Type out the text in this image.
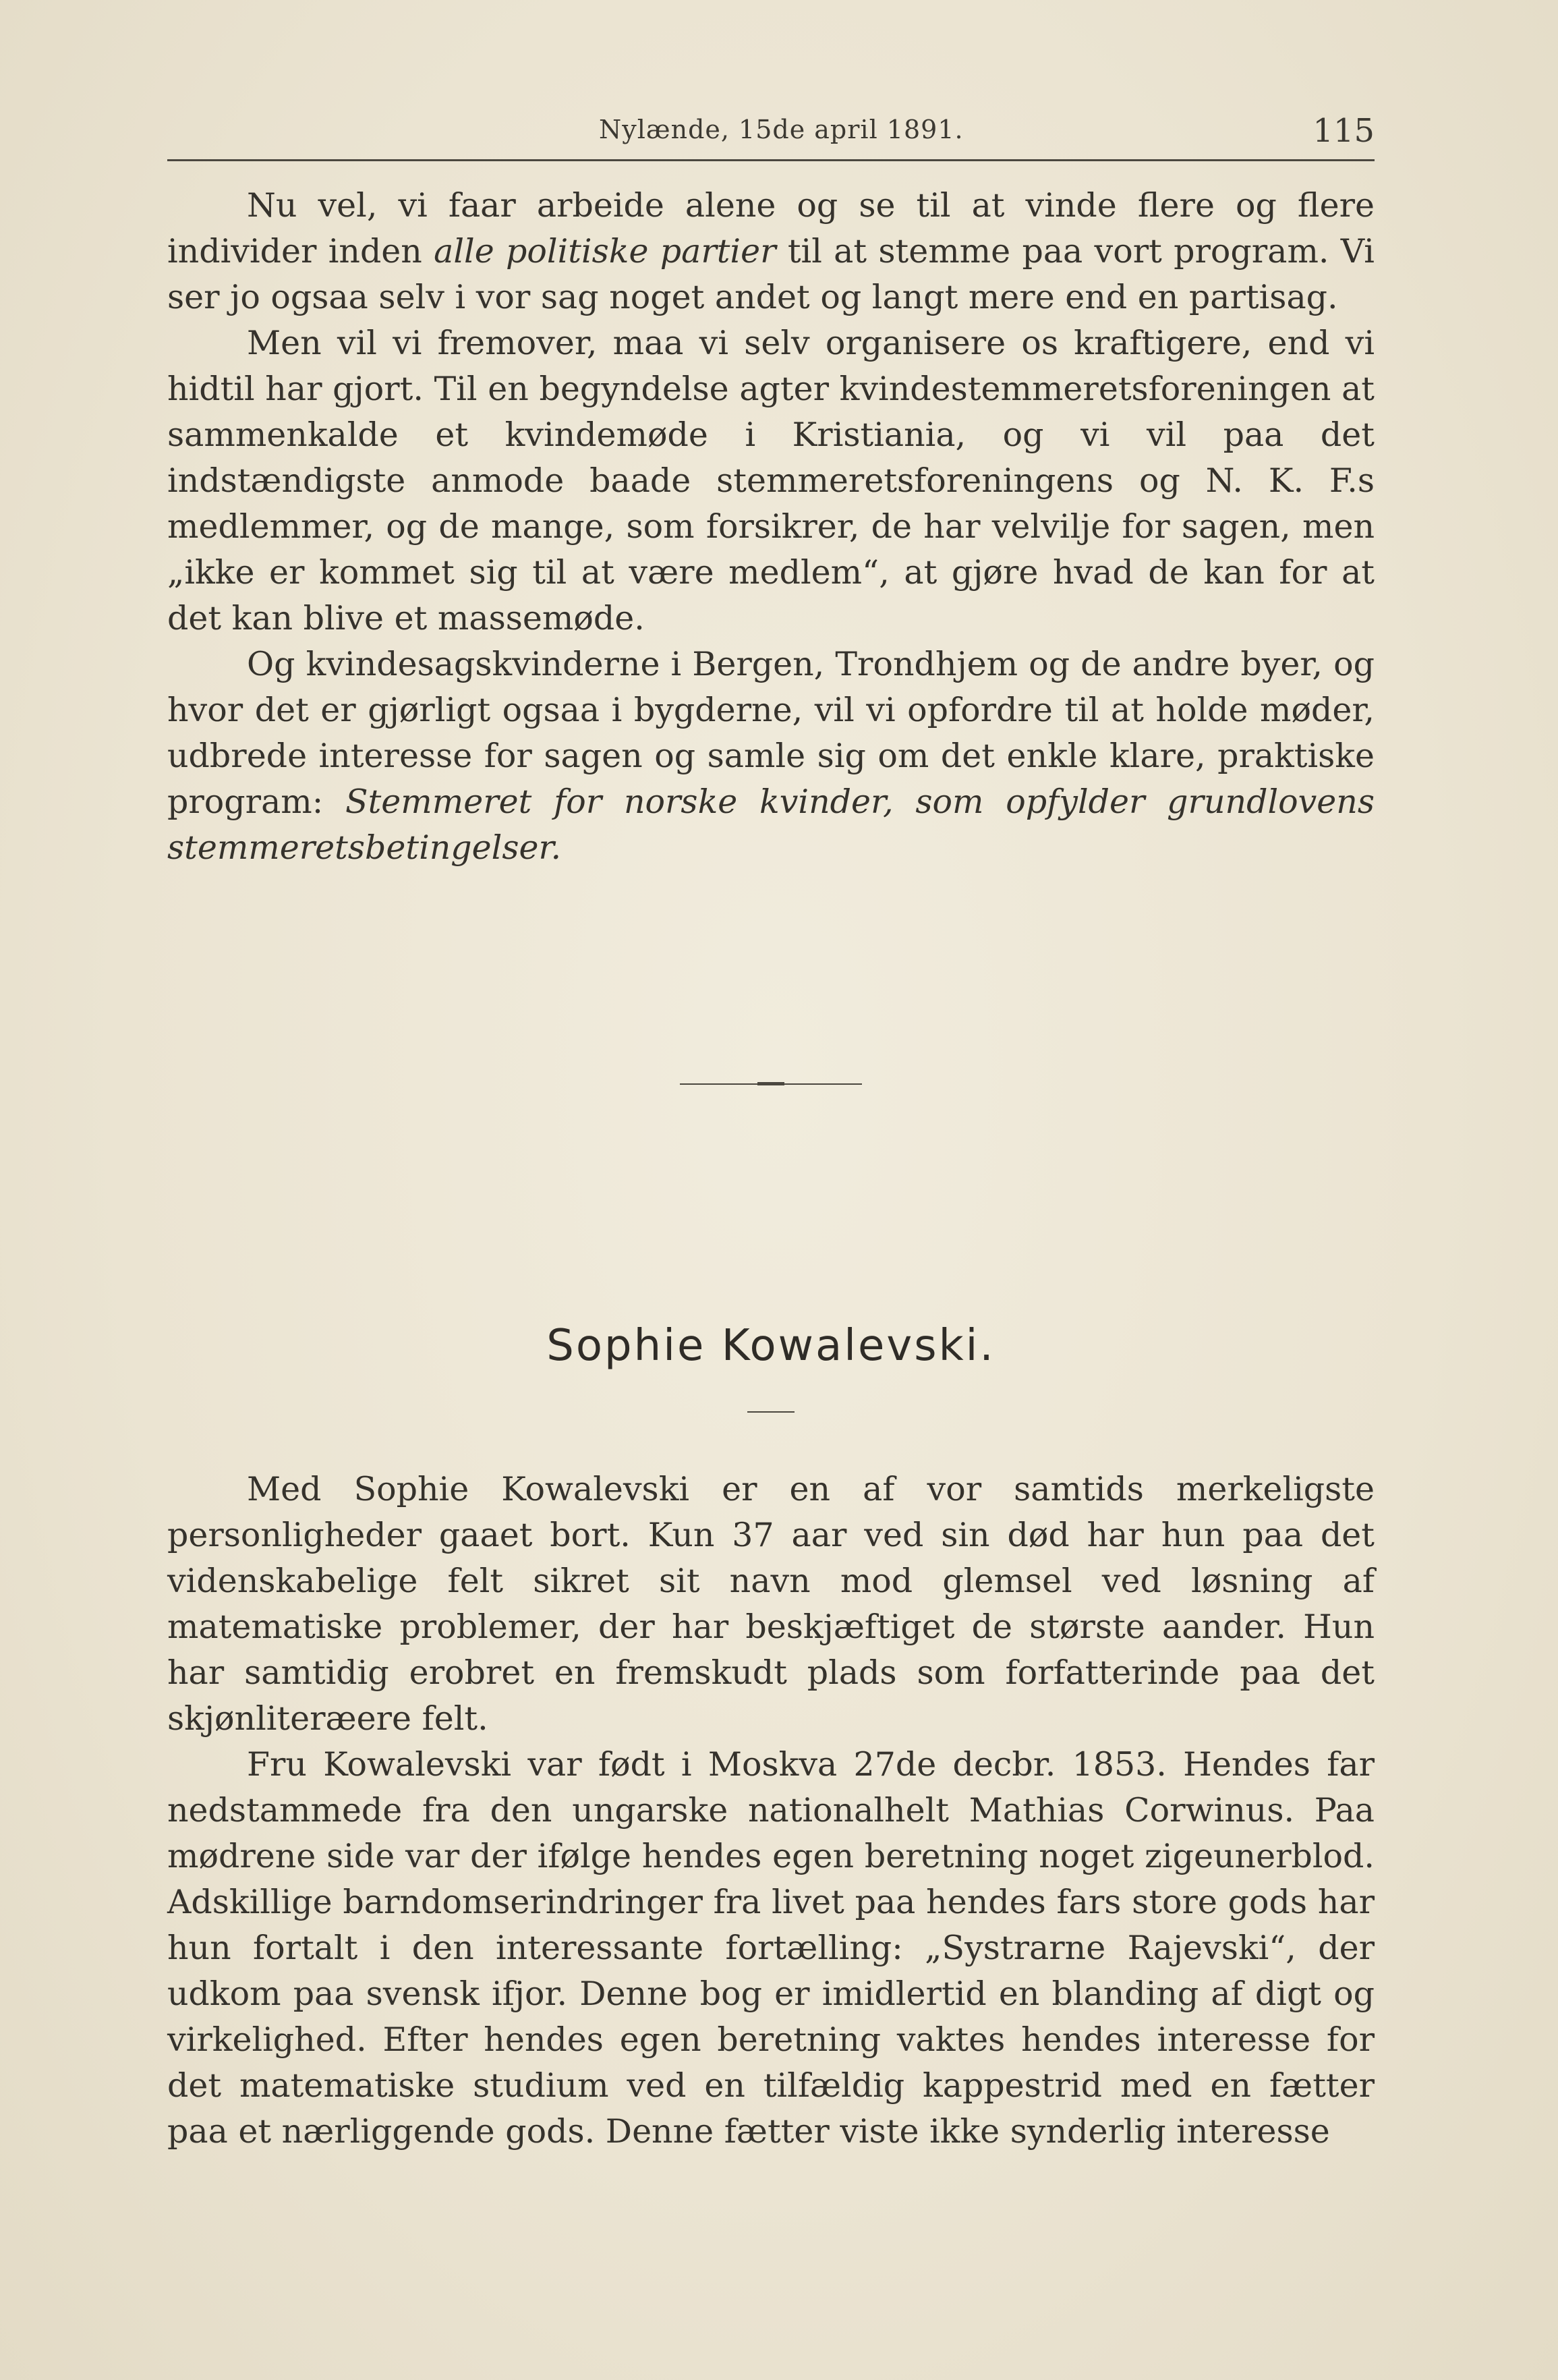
Nylænde, 15de april 1891.	115

Nu vel, vi faar arbeide alene og se til at vinde flere og flere individer inden alle politiske partier til at stemme paa vort program. Vi ser jo ogsaa selv i vor sag noget andet og langt mere end en partisag.

Men vil vi fremover, maa vi selv organisere os kraftigere, end vi hidtil har gjort. Til en begyndelse agter kvindestemmeretsforeningen at sammenkalde et kvindemøde i Kristiania, og vi vil paa det indstændigste anmode baade stemmeretsforeningens og N. K. F.s medlemmer, og de mange, som forsikrer, de har velvilje for sagen, men „ikke er kommet sig til at være medlem“, at gjøre hvad de kan for at det kan blive et massemøde.

Og kvindesagskvinderne i Bergen, Trondhjem og de andre byer, og hvor det er gjørligt ogsaa i bygderne, vil vi opfordre til at holde møder, udbrede interesse for sagen og samle sig om det enkle klare, praktiske program: Stemmeret for norske kvinder, som opfylder grundlovens stemmeretsbetingelser.

Sophie Kowalevski.

Med Sophie Kowalevski er en af vor samtids merkeligste personligheder gaaet bort. Kun 37 aar ved sin død har hun paa det videnskabelige felt sikret sit navn mod glemsel ved løsning af matematiske problemer, der har beskjæftiget de største aander. Hun har samtidig erobret en fremskudt plads som forfatterinde paa det skjønliteræere felt.

Fru Kowalevski var født i Moskva 27de decbr. 1853. Hendes far nedstammede fra den ungarske nationalhelt Mathias Corwinus. Paa mødrene side var der ifølge hendes egen beretning noget zigeunerblod. Adskillige barndomserindringer fra livet paa hendes fars store gods har hun fortalt i den interessante fortælling: „Systrarne Rajevski“, der udkom paa svensk ifjor. Denne bog er imidlertid en blanding af digt og virkelighed. Efter hendes egen beretning vaktes hendes interesse for det matematiske studium ved en tilfældig kappestrid med en fætter paa et nærliggende gods. Denne fætter viste ikke synderlig interesse
